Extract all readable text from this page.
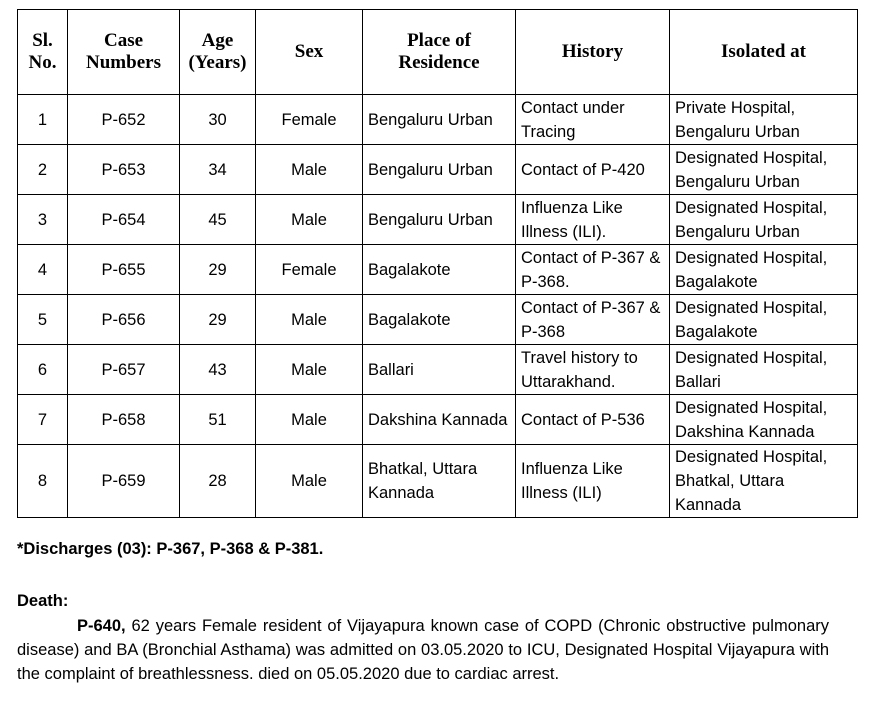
Sl. No.	Case Numbers	Age (Years)	Sex	Place of Residence	History	Isolated at
1	P-652	30	Female	Bengaluru Urban	Contact under Tracing	Private Hospital, Bengaluru Urban
2	P-653	34	Male	Bengaluru Urban	Contact of P-420	Designated Hospital, Bengaluru Urban
3	P-654	45	Male	Bengaluru Urban	Influenza Like Illness (ILI).	Designated Hospital, Bengaluru Urban
4	P-655	29	Female	Bagalakote	Contact of P-367 & P-368.	Designated Hospital, Bagalakote
5	P-656	29	Male	Bagalakote	Contact of P-367 & P-368	Designated Hospital, Bagalakote
6	P-657	43	Male	Ballari	Travel history to Uttarakhand.	Designated Hospital, Ballari
7	P-658	51	Male	Dakshina Kannada	Contact of P-536	Designated Hospital, Dakshina Kannada
8	P-659	28	Male	Bhatkal, Uttara Kannada	Influenza Like Illness (ILI)	Designated Hospital, Bhatkal, Uttara Kannada
*Discharges (03): P-367, P-368 & P-381.
Death:
P-640, 62 years Female resident of Vijayapura known case of COPD (Chronic obstructive pulmonary disease) and BA (Bronchial Asthama) was admitted on 03.05.2020 to ICU, Designated Hospital Vijayapura with the complaint of breathlessness. died on 05.05.2020 due to cardiac arrest.
